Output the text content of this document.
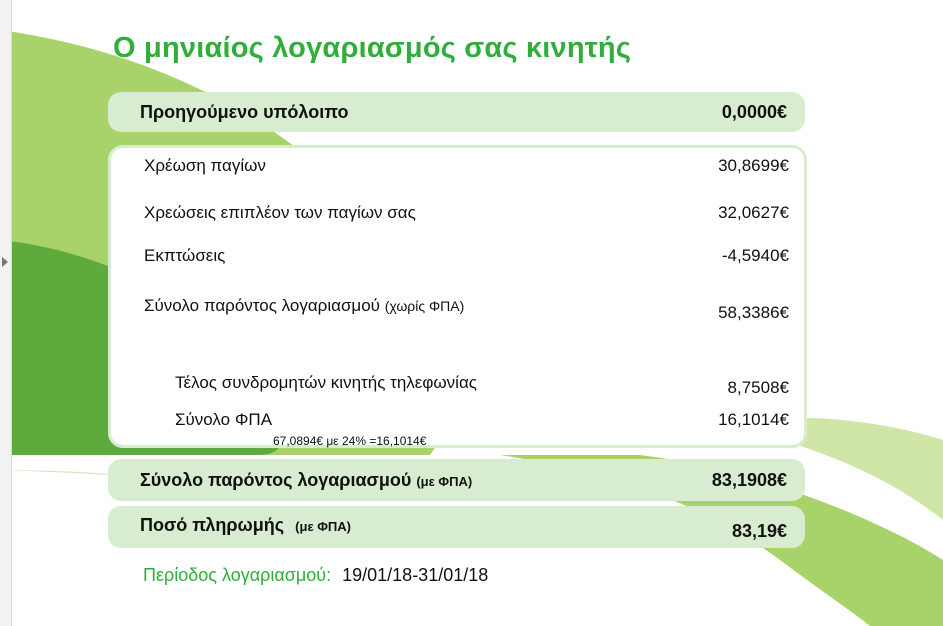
Ο μηνιαίος λογαριασμός σας κινητής
Προηγούμενο υπόλοιπο	0,0000€
Χρέωση παγίων	30,8699€
Χρεώσεις επιπλέον των παγίων σας	32,0627€
Εκπτώσεις	-4,5940€
Σύνολο παρόντος λογαριασμού (χωρίς ΦΠΑ)	58,3386€
Τέλος συνδρομητών κινητής τηλεφωνίας	8,7508€
Σύνολο ΦΠΑ	16,1014€
67,0894€ με 24% =16,1014€
Σύνολο παρόντος λογαριασμού (με ΦΠΑ)	83,1908€
Ποσό πληρωμής (με ΦΠΑ)	83,19€
Περίοδος λογαριασμού: 19/01/18-31/01/18
